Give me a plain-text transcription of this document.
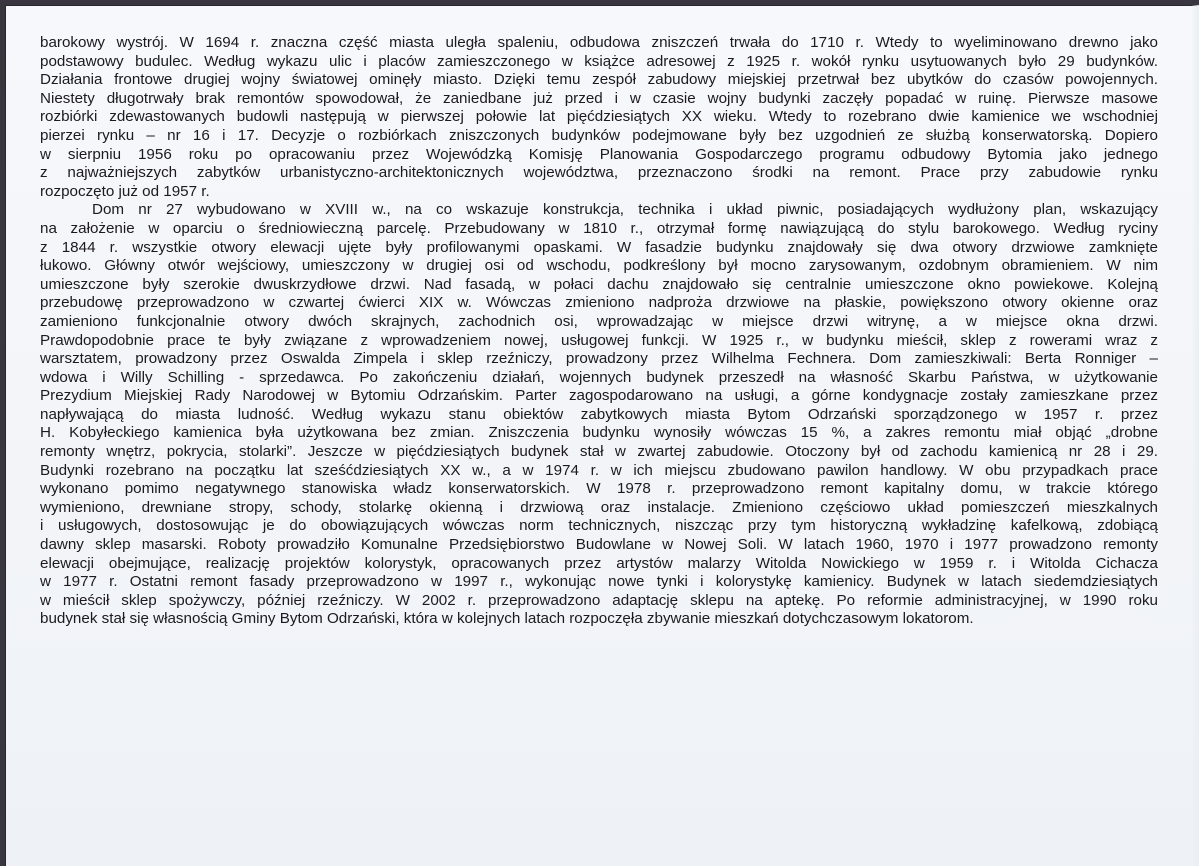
barokowy wystrój. W 1694 r. znaczna część miasta uległa spaleniu, odbudowa zniszczeń trwała do 1710 r. Wtedy to wyeliminowano drewno jako
podstawowy budulec. Według wykazu ulic i placów zamieszczonego w książce adresowej z 1925 r. wokół rynku usytuowanych było 29 budynków.
Działania frontowe drugiej wojny światowej ominęły miasto. Dzięki temu zespół zabudowy miejskiej przetrwał bez ubytków do czasów powojennych.
Niestety długotrwały brak remontów spowodował, że zaniedbane już przed i w czasie wojny budynki zaczęły popadać w ruinę. Pierwsze masowe
rozbiórki zdewastowanych budowli następują w pierwszej połowie lat pięćdziesiątych XX wieku. Wtedy to rozebrano dwie kamienice we wschodniej
pierzei rynku – nr 16 i 17. Decyzje o rozbiórkach zniszczonych budynków podejmowane były bez uzgodnień ze służbą konserwatorską. Dopiero
w sierpniu 1956 roku po opracowaniu przez Wojewódzką Komisję Planowania Gospodarczego programu odbudowy Bytomia jako jednego
z najważniejszych zabytków urbanistyczno-architektonicznych województwa, przeznaczono środki na remont. Prace przy zabudowie rynku
rozpoczęto już od 1957 r.
Dom nr 27 wybudowano w XVIII w., na co wskazuje konstrukcja, technika i układ piwnic, posiadających wydłużony plan, wskazujący
na założenie w oparciu o średniowieczną parcelę. Przebudowany w 1810 r., otrzymał formę nawiązującą do stylu barokowego. Według ryciny
z 1844 r. wszystkie otwory elewacji ujęte były profilowanymi opaskami. W fasadzie budynku znajdowały się dwa otwory drzwiowe zamknięte
łukowo. Główny otwór wejściowy, umieszczony w drugiej osi od wschodu, podkreślony był mocno zarysowanym, ozdobnym obramieniem. W nim
umieszczone były szerokie dwuskrzydłowe drzwi. Nad fasadą, w połaci dachu znajdowało się centralnie umieszczone okno powiekowe. Kolejną
przebudowę przeprowadzono w czwartej ćwierci XIX w. Wówczas zmieniono nadproża drzwiowe na płaskie, powiększono otwory okienne oraz
zamieniono funkcjonalnie otwory dwóch skrajnych, zachodnich osi, wprowadzając w miejsce drzwi witrynę, a w miejsce okna drzwi.
Prawdopodobnie prace te były związane z wprowadzeniem nowej, usługowej funkcji. W 1925 r., w budynku mieścił, sklep z rowerami wraz z
warsztatem, prowadzony przez Oswalda Zimpela i sklep rzeźniczy, prowadzony przez Wilhelma Fechnera. Dom zamieszkiwali: Berta Ronniger –
wdowa i Willy Schilling - sprzedawca. Po zakończeniu działań, wojennych budynek przeszedł na własność Skarbu Państwa, w użytkowanie
Prezydium Miejskiej Rady Narodowej w Bytomiu Odrzańskim. Parter zagospodarowano na usługi, a górne kondygnacje zostały zamieszkane przez
napływającą do miasta ludność. Według wykazu stanu obiektów zabytkowych miasta Bytom Odrzański sporządzonego w 1957 r. przez
H. Kobyłeckiego kamienica była użytkowana bez zmian. Zniszczenia budynku wynosiły wówczas 15 %, a zakres remontu miał objąć „drobne
remonty wnętrz, pokrycia, stolarki”. Jeszcze w pięćdziesiątych budynek stał w zwartej zabudowie. Otoczony był od zachodu kamienicą nr 28 i 29.
Budynki rozebrano na początku lat sześćdziesiątych XX w., a w 1974 r. w ich miejscu zbudowano pawilon handlowy. W obu przypadkach prace
wykonano pomimo negatywnego stanowiska władz konserwatorskich. W 1978 r. przeprowadzono remont kapitalny domu, w trakcie którego
wymieniono, drewniane stropy, schody, stolarkę okienną i drzwiową oraz instalacje. Zmieniono częściowo układ pomieszczeń mieszkalnych
i usługowych, dostosowując je do obowiązujących wówczas norm technicznych, niszcząc przy tym historyczną wykładzinę kafelkową, zdobiącą
dawny sklep masarski. Roboty prowadziło Komunalne Przedsiębiorstwo Budowlane w Nowej Soli. W latach 1960, 1970 i 1977 prowadzono remonty
elewacji obejmujące, realizację projektów kolorystyk, opracowanych przez artystów malarzy Witolda Nowickiego w 1959 r. i Witolda Cichacza
w 1977 r. Ostatni remont fasady przeprowadzono w 1997 r., wykonując nowe tynki i kolorystykę kamienicy. Budynek w latach siedemdziesiątych
w mieścił sklep spożywczy, później rzeźniczy. W 2002 r. przeprowadzono adaptację sklepu na aptekę. Po reformie administracyjnej, w 1990 roku
budynek stał się własnością Gminy Bytom Odrzański, która w kolejnych latach rozpoczęła zbywanie mieszkań dotychczasowym lokatorom.
